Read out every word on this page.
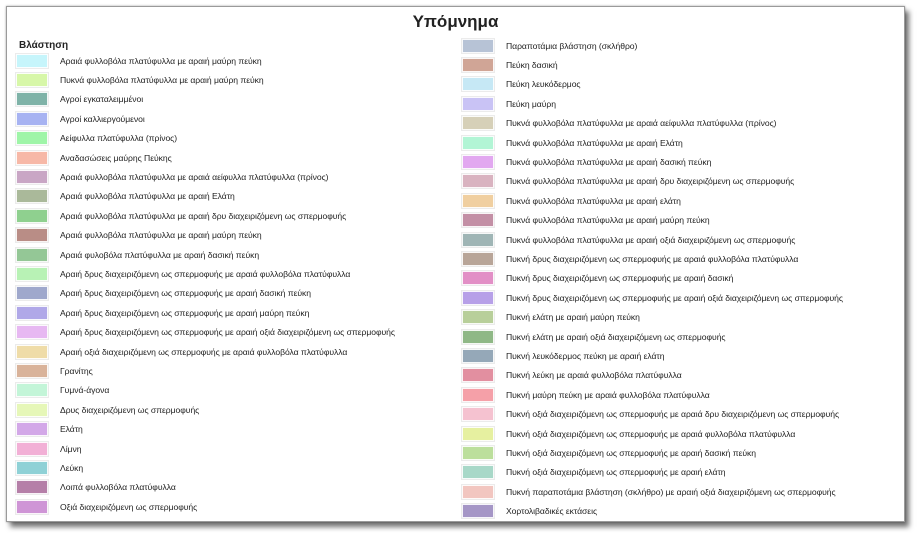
Υπόμνημα
Βλάστηση
Αραιά φυλλοβόλα πλατύφυλλα με αραιή μαύρη πεύκη
Πυκνά φυλλοβόλα πλατύφυλλα με αραιή μαύρη πεύκη
Αγροί εγκαταλειμμένοι
Αγροί καλλιεργούμενοι
Αείφυλλα πλατύφυλλα (πρίνος)
Αναδασώσεις μαύρης Πεύκης
Αραιά φυλλοβόλα πλατύφυλλα με αραιά αείφυλλα πλατύφυλλα (πρίνος)
Αραιά φυλλοβόλα πλατύφυλλα με αραιή Ελάτη
Αραιά φυλλοβόλα πλατύφυλλα με αραιή δρυ διαχειριζόμενη ως σπερμοφυής
Αραιά φυλλοβόλα πλατύφυλλα με αραιή μαύρη πεύκη
Αραιά φυλοβόλα πλατύφυλλα με αραιή δασική πεύκη
Αραιή δρυς διαχειριζόμενη ως σπερμοφυής με αραιά φυλλοβόλα πλατύφυλλα
Αραιή δρυς διαχειριζόμενη ως σπερμοφυής με αραιή δασική πεύκη
Αραιή δρυς διαχειριζόμενη ως σπερμοφυής με αραιή μαύρη πεύκη
Αραιή δρυς διαχειριζόμενη ως σπερμοφυής με αραιή οξιά διαχειριζόμενη ως σπερμοφυής
Αραιή οξιά διαχειριζόμενη ως σπερμοφυής με αραιά φυλλοβόλα πλατύφυλλα
Γρανίτης
Γυμνά-άγονα
Δρυς διαχειριζόμενη ως σπερμοφυής
Ελάτη
Λίμνη
Λεύκη
Λοιπά φυλλοβόλα πλατύφυλλα
Οξιά διαχειριζόμενη ως σπερμοφυής
Παραποτάμια βλάστηση (σκλήθρο)
Πεύκη δασική
Πεύκη λευκόδερμος
Πεύκη μαύρη
Πυκνά φυλλοβόλα πλατύφυλλα με αραιά αείφυλλα πλατύφυλλα (πρίνος)
Πυκνά φυλλοβόλα πλατύφυλλα με αραιή Ελάτη
Πυκνά φυλλοβόλα πλατύφυλλα με αραιή δασική πεύκη
Πυκνά φυλλοβόλα πλατύφυλλα με αραιή δρυ διαχειριζόμενη ως σπερμοφυής
Πυκνά φυλλοβόλα πλατύφυλλα με αραιή ελάτη
Πυκνά φυλλοβόλα πλατύφυλλα με αραιή μαύρη πεύκη
Πυκνά φυλλοβόλα πλατύφυλλα με αραιή οξιά διαχειριζόμενη ως σπερμοφυής
Πυκνή δρυς διαχειριζόμενη ως σπερμοφυής με αραιά φυλλοβόλα πλατύφυλλα
Πυκνή δρυς διαχειριζόμενη ως σπερμοφυής με αραιή δασική
Πυκνή δρυς διαχειριζόμενη ως σπερμοφυής με αραιή οξιά διαχειριζόμενη ως σπερμοφυής
Πυκνή ελάτη με αραιή μαύρη πεύκη
Πυκνή ελάτη με αραιή οξιά διαχειριζόμενη ως σπερμοφυής
Πυκνή λευκόδερμος πεύκη με αραιή ελάτη
Πυκνή λεύκη με αραιά φυλλοβόλα πλατύφυλλα
Πυκνή μαύρη πεύκη με αραιά φυλλοβόλα πλατύφυλλα
Πυκνή οξιά διαχειριζόμενη ως σπερμοφυής με αραιά δρυ διαχειριζόμενη ως σπερμοφυής
Πυκνή οξιά διαχειριζόμενη ως σπερμοφυής με αραιά φυλλοβόλα πλατύφυλλα
Πυκνή οξιά διαχειριζόμενη ως σπερμοφυής με αραιή δασική πεύκη
Πυκνή οξιά διαχειριζόμενη ως σπερμοφυής με αραιή ελάτη
Πυκνή παραποτάμια βλάστηση (σκλήθρο) με αραιή οξιά διαχειριζόμενη ως σπερμοφυής
Χορτολιβαδικές εκτάσεις
